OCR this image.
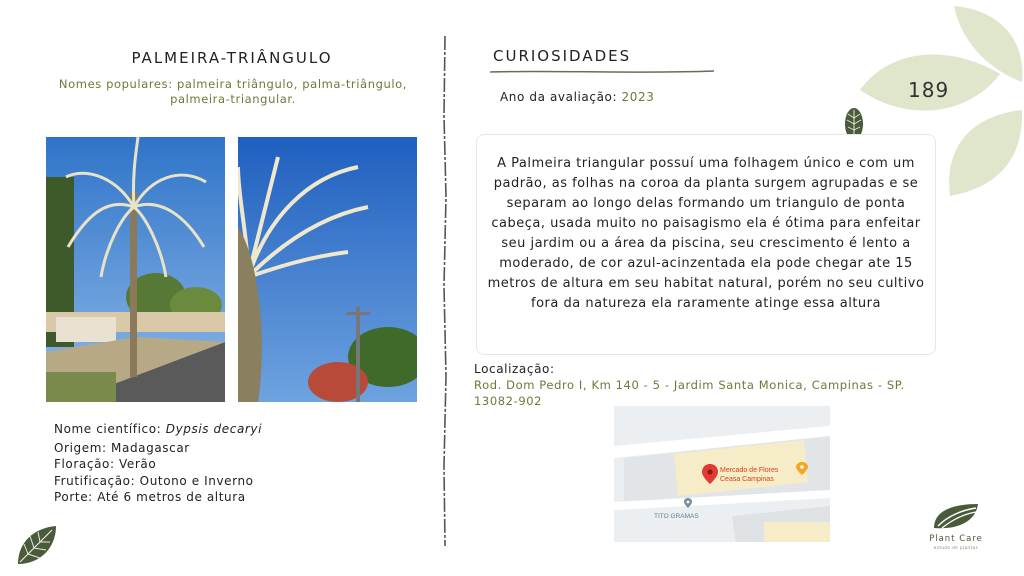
PALMEIRA-TRIÂNGULO
Nomes populares: palmeira triângulo, palma-triângulo,
palmeira-triangular.
Nome científico: Dypsis decaryi
Origem: Madagascar
Floração: Verão
Frutificação: Outono e Inverno
Porte: Até 6 metros de altura
CURIOSIDADES
Ano da avaliação: 2023	189

A Palmeira triangular possuí uma folhagem único e com um padrão, as folhas na coroa da planta surgem agrupadas e se separam ao longo delas formando um triangulo de ponta cabeça, usada muito no paisagismo ela é ótima para enfeitar seu jardim ou a área da piscina, seu crescimento é lento a moderado, de cor azul-acinzentada ela pode chegar ate 15 metros de altura em seu habitat natural, porém no seu cultivo fora da natureza ela raramente atinge essa altura

Localização:
Rod. Dom Pedro I, Km 140 - 5 - Jardim Santa Monica, Campinas - SP.
13082-902
Mercado de Flores
Ceasa Campinas
TITO GRAMAS
Plant Care
estudo de plantas
